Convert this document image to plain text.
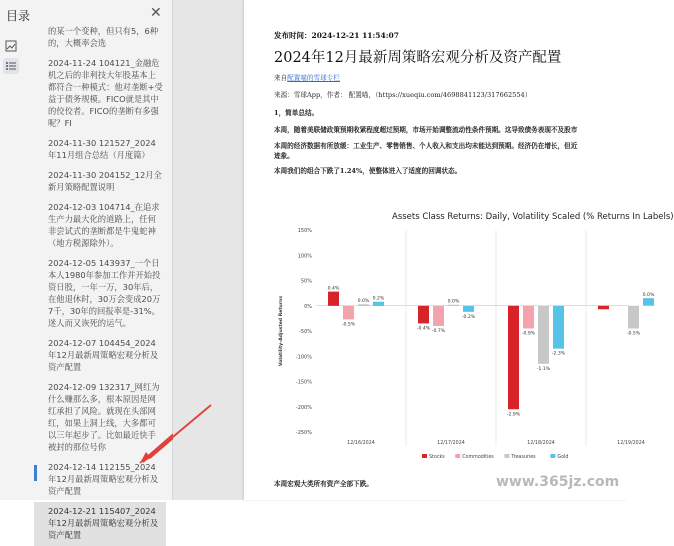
目录	✕
的某一个变种，但只有5，6种的，大概率会选
2024-11-24 104121_金融危机之后的非利技大年股基本上都符合一种模式：他对垄断+受益于债务规模。FICO就是其中的佼佼者。FICO的垄断有多强呢？FI
2024-11-30 121527_2024年11月组合总结（月度篇）
2024-11-30 204152_12月全新月策略配置说明
2024-12-03 104714_在追求生产力最大化的道路上，任何非尝试式的垄断都是牛鬼蛇神（地方税源除外）。
2024-12-05 143937_一个日本人1980年参加工作并开始投资日股，一年一万，30年后，在他退休时，30万会变成20万7千，30年的回报率是-31%。迷人而又诙死的运气。
2024-12-07 104454_2024年12月最新周策略宏观分析及资产配置
2024-12-09 132317_网红为什么赚那么多，根本原因是网红承担了风险。就现在头部网红，如果上洞上线，大多都可以三年起步了。比如最近快手被封的那位号你
2024-12-14 112155_2024年12月最新周策略宏观分析及资产配置
2024-12-21 115407_2024年12月最新周策略宏观分析及资产配置
发布时间：2024-12-21 11:54:07
2024年12月最新周策略宏观分析及资产配置
来自配置喵的雪球专栏
来源：雪球App，作者： 配置喵，（https://xueqiu.com/4698841123/317662554）
1，简单总结。
本周，随着美联储政策预期收紧程度超过预期，市场开始调整流动性条件预期。这导致债务表现不及股市
本周的经济数据有所放缓：工业生产、零售销售、个人收入和支出均未能达到预期。经济仍在增长，但近
迹象。
本周我们的组合下跌了1.24%，使整体进入了适度的回调状态。
Assets Class Returns: Daily, Volatility Scaled (% Returns In Labels)
150%
100%
50%
0%
-50%
-100%
-150%
-200%
-250%
Volatility-Adjusted Returns
12/16/2024
0.4%
-0.5%
0.0%
0.2%
12/17/2024
-0.4%
-0.7%
0.0%
-0.2%
12/18/2024
-2.9%
-0.9%
-1.1%
-2.3%
12/19/2024
-0.5%
0.0%
Stocks	Commodities	Treasuries	Gold
本周宏观大类所有资产全部下跌。	www.365jz.com
